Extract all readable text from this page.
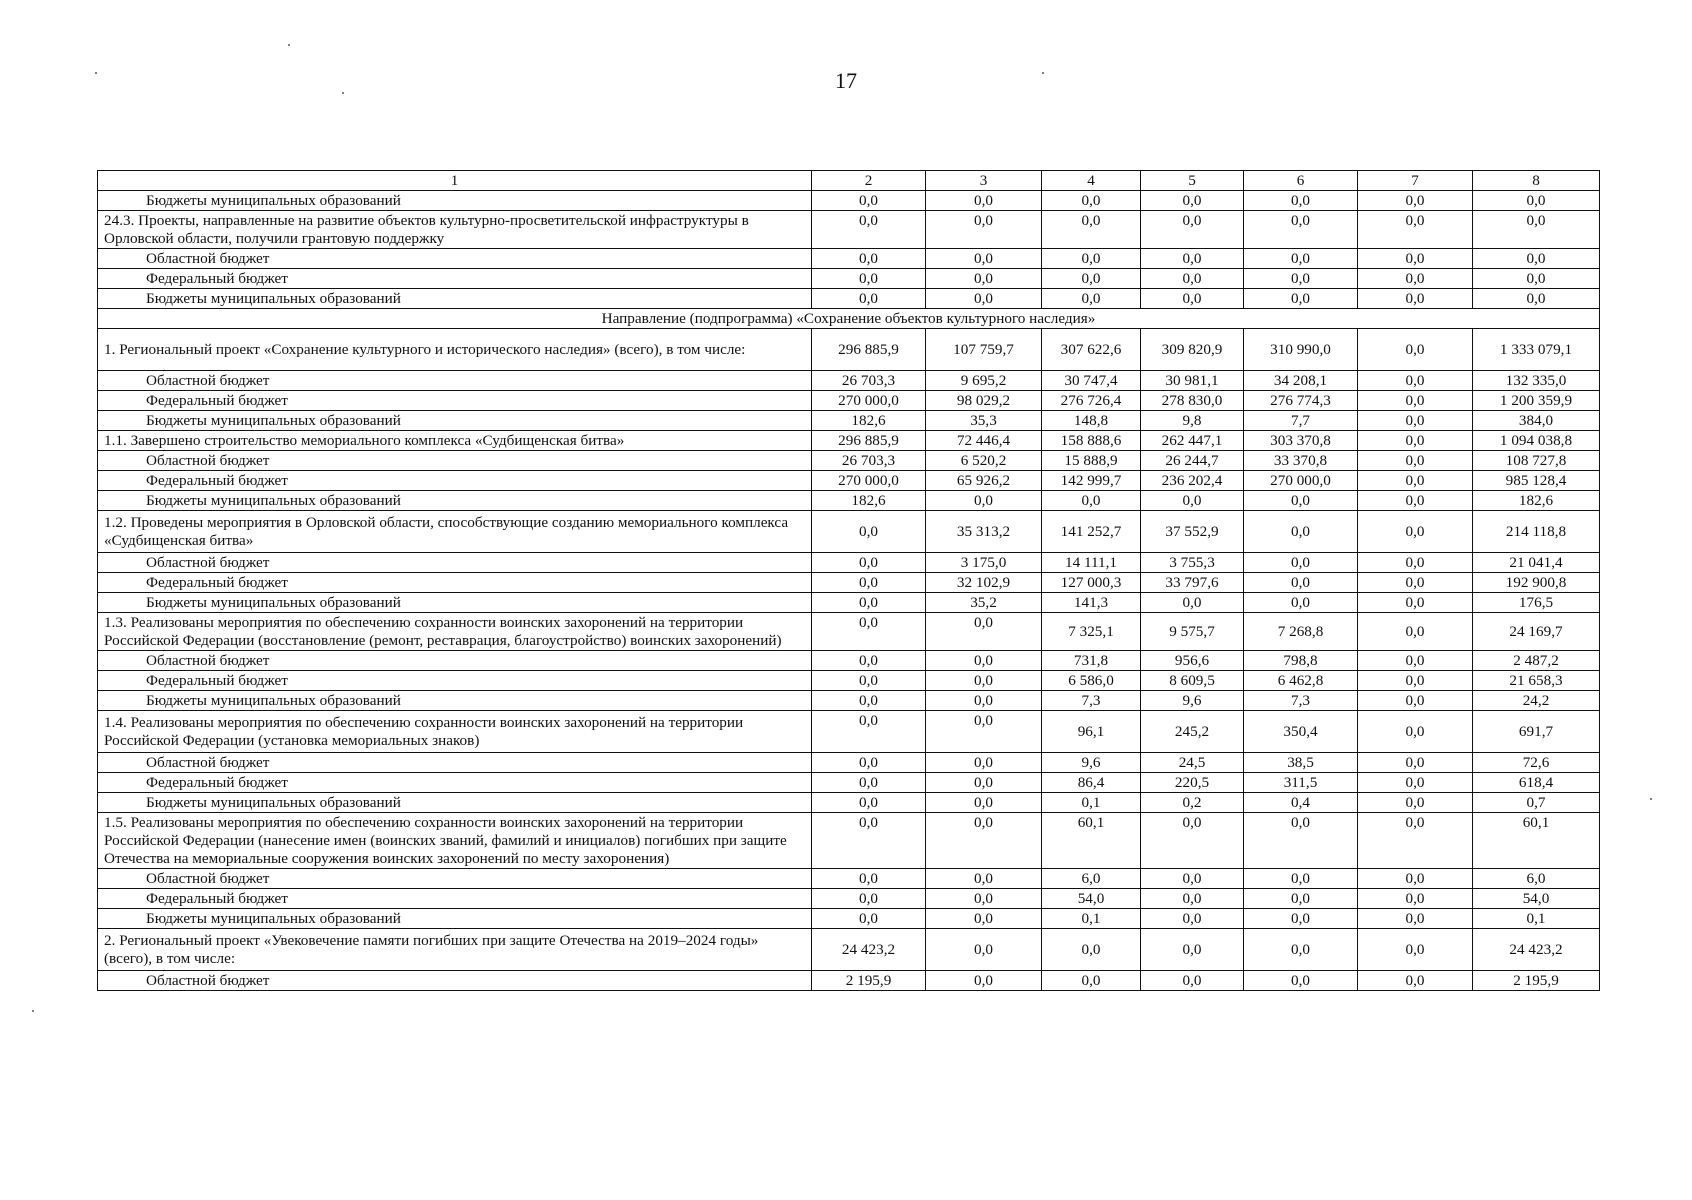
17
1	2	3	4	5	6	7	8
Бюджеты муниципальных образований	0,0	0,0	0,0	0,0	0,0	0,0	0,0
24.3. Проекты, направленные на развитие объектов культурно-просветительской инфраструктуры в Орловской области, получили грантовую поддержку	0,0	0,0	0,0	0,0	0,0	0,0	0,0
Областной бюджет	0,0	0,0	0,0	0,0	0,0	0,0	0,0
Федеральный бюджет	0,0	0,0	0,0	0,0	0,0	0,0	0,0
Бюджеты муниципальных образований	0,0	0,0	0,0	0,0	0,0	0,0	0,0
Направление (подпрограмма) «Сохранение объектов культурного наследия»							
1. Региональный проект «Сохранение культурного и исторического наследия» (всего), в том числе:	296 885,9	107 759,7	307 622,6	309 820,9	310 990,0	0,0	1 333 079,1
Областной бюджет	26 703,3	9 695,2	30 747,4	30 981,1	34 208,1	0,0	132 335,0
Федеральный бюджет	270 000,0	98 029,2	276 726,4	278 830,0	276 774,3	0,0	1 200 359,9
Бюджеты муниципальных образований	182,6	35,3	148,8	9,8	7,7	0,0	384,0
1.1. Завершено строительство мемориального комплекса «Судбищенская битва»	296 885,9	72 446,4	158 888,6	262 447,1	303 370,8	0,0	1 094 038,8
Областной бюджет	26 703,3	6 520,2	15 888,9	26 244,7	33 370,8	0,0	108 727,8
Федеральный бюджет	270 000,0	65 926,2	142 999,7	236 202,4	270 000,0	0,0	985 128,4
Бюджеты муниципальных образований	182,6	0,0	0,0	0,0	0,0	0,0	182,6
1.2. Проведены мероприятия в Орловской области, способствующие созданию мемориального комплекса «Судбищенская битва»	0,0	35 313,2	141 252,7	37 552,9	0,0	0,0	214 118,8
Областной бюджет	0,0	3 175,0	14 111,1	3 755,3	0,0	0,0	21 041,4
Федеральный бюджет	0,0	32 102,9	127 000,3	33 797,6	0,0	0,0	192 900,8
Бюджеты муниципальных образований	0,0	35,2	141,3	0,0	0,0	0,0	176,5
1.3. Реализованы мероприятия по обеспечению сохранности воинских захоронений на территории Российской Федерации (восстановление (ремонт, реставрация, благоустройство) воинских захоронений)	0,0	0,0	7 325,1	9 575,7	7 268,8	0,0	24 169,7
Областной бюджет	0,0	0,0	731,8	956,6	798,8	0,0	2 487,2
Федеральный бюджет	0,0	0,0	6 586,0	8 609,5	6 462,8	0,0	21 658,3
Бюджеты муниципальных образований	0,0	0,0	7,3	9,6	7,3	0,0	24,2
1.4. Реализованы мероприятия по обеспечению сохранности воинских захоронений на территории Российской Федерации (установка мемориальных знаков)	0,0	0,0	96,1	245,2	350,4	0,0	691,7
Областной бюджет	0,0	0,0	9,6	24,5	38,5	0,0	72,6
Федеральный бюджет	0,0	0,0	86,4	220,5	311,5	0,0	618,4
Бюджеты муниципальных образований	0,0	0,0	0,1	0,2	0,4	0,0	0,7
1.5. Реализованы мероприятия по обеспечению сохранности воинских захоронений на территории Российской Федерации (нанесение имен (воинских званий, фамилий и инициалов) погибших при защите Отечества на мемориальные сооружения воинских захоронений по месту захоронения)	0,0	0,0	60,1	0,0	0,0	0,0	60,1
Областной бюджет	0,0	0,0	6,0	0,0	0,0	0,0	6,0
Федеральный бюджет	0,0	0,0	54,0	0,0	0,0	0,0	54,0
Бюджеты муниципальных образований	0,0	0,0	0,1	0,0	0,0	0,0	0,1
2. Региональный проект «Увековечение памяти погибших при защите Отечества на 2019–2024 годы» (всего), в том числе:	24 423,2	0,0	0,0	0,0	0,0	0,0	24 423,2
Областной бюджет	2 195,9	0,0	0,0	0,0	0,0	0,0	2 195,9
